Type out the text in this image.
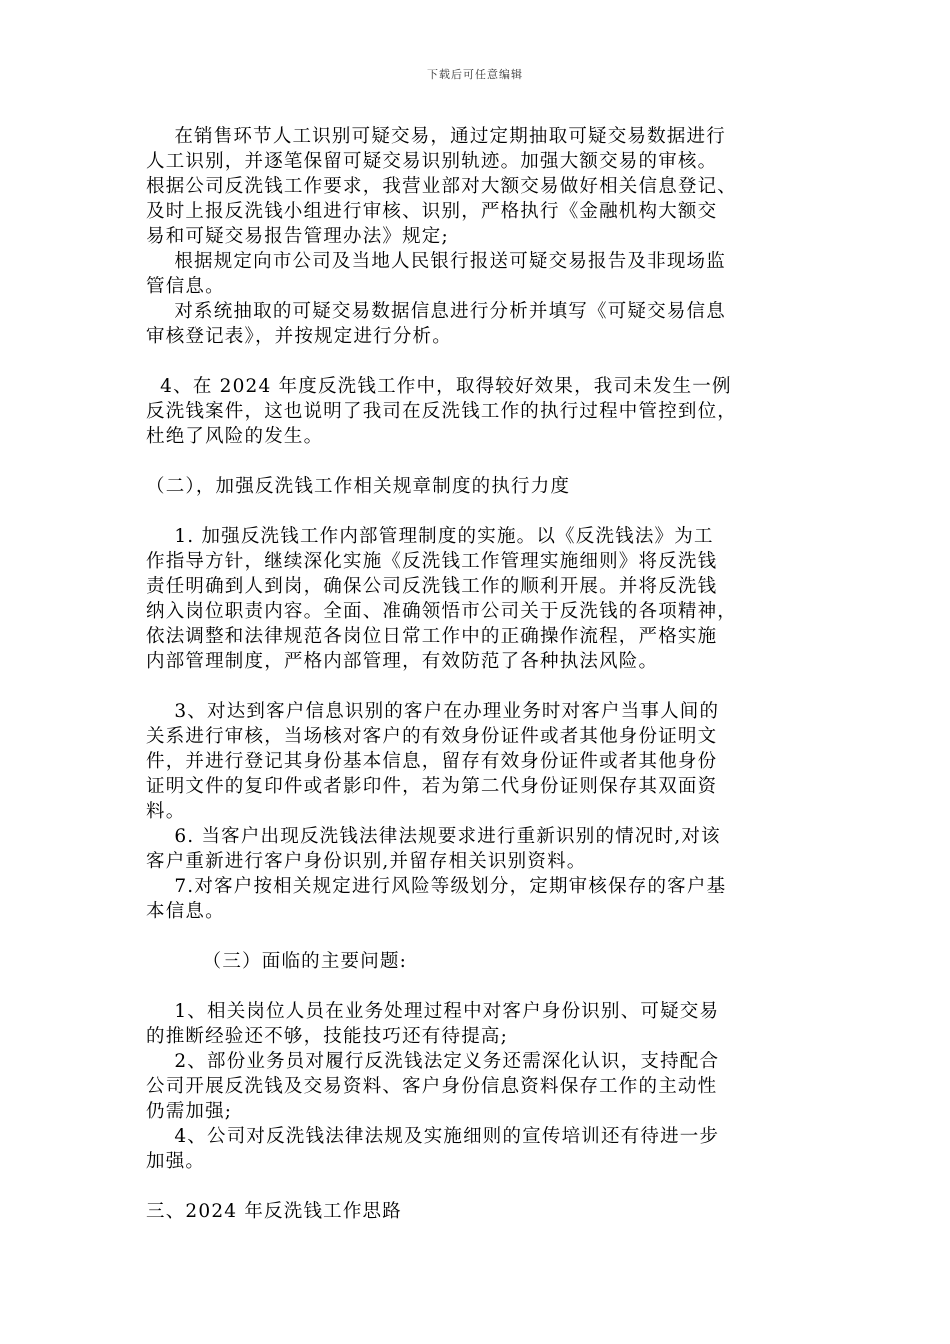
下载后可任意编辑
在销售环节人工识别可疑交易，通过定期抽取可疑交易数据进行
人工识别，并逐笔保留可疑交易识别轨迹。加强大额交易的审核。
根据公司反洗钱工作要求，我营业部对大额交易做好相关信息登记、
及时上报反洗钱小组进行审核、识别，严格执行《金融机构大额交
易和可疑交易报告管理办法》规定;
根据规定向市公司及当地人民银行报送可疑交易报告及非现场监
管信息。
对系统抽取的可疑交易数据信息进行分析并填写《可疑交易信息
审核登记表》，并按规定进行分析。
4、在 2024 年度反洗钱工作中，取得较好效果，我司未发生一例
反洗钱案件，这也说明了我司在反洗钱工作的执行过程中管控到位，
杜绝了风险的发生。
（二），加强反洗钱工作相关规章制度的执行力度
1. 加强反洗钱工作内部管理制度的实施。以《反洗钱法》为工
作指导方针，继续深化实施《反洗钱工作管理实施细则》将反洗钱
责任明确到人到岗，确保公司反洗钱工作的顺利开展。并将反洗钱
纳入岗位职责内容。全面、准确领悟市公司关于反洗钱的各项精神，
依法调整和法律规范各岗位日常工作中的正确操作流程，严格实施
内部管理制度，严格内部管理，有效防范了各种执法风险。
3、对达到客户信息识别的客户在办理业务时对客户当事人间的
关系进行审核，当场核对客户的有效身份证件或者其他身份证明文
件，并进行登记其身份基本信息，留存有效身份证件或者其他身份
证明文件的复印件或者影印件，若为第二代身份证则保存其双面资
料。
6. 当客户出现反洗钱法律法规要求进行重新识别的情况时,对该
客户重新进行客户身份识别,并留存相关识别资料。
7.对客户按相关规定进行风险等级划分，定期审核保存的客户基
本信息。
（三）面临的主要问题:
1、相关岗位人员在业务处理过程中对客户身份识别、可疑交易
的推断经验还不够，技能技巧还有待提高;
2、部份业务员对履行反洗钱法定义务还需深化认识，支持配合
公司开展反洗钱及交易资料、客户身份信息资料保存工作的主动性
仍需加强;
4、公司对反洗钱法律法规及实施细则的宣传培训还有待进一步
加强。
三、2024 年反洗钱工作思路
